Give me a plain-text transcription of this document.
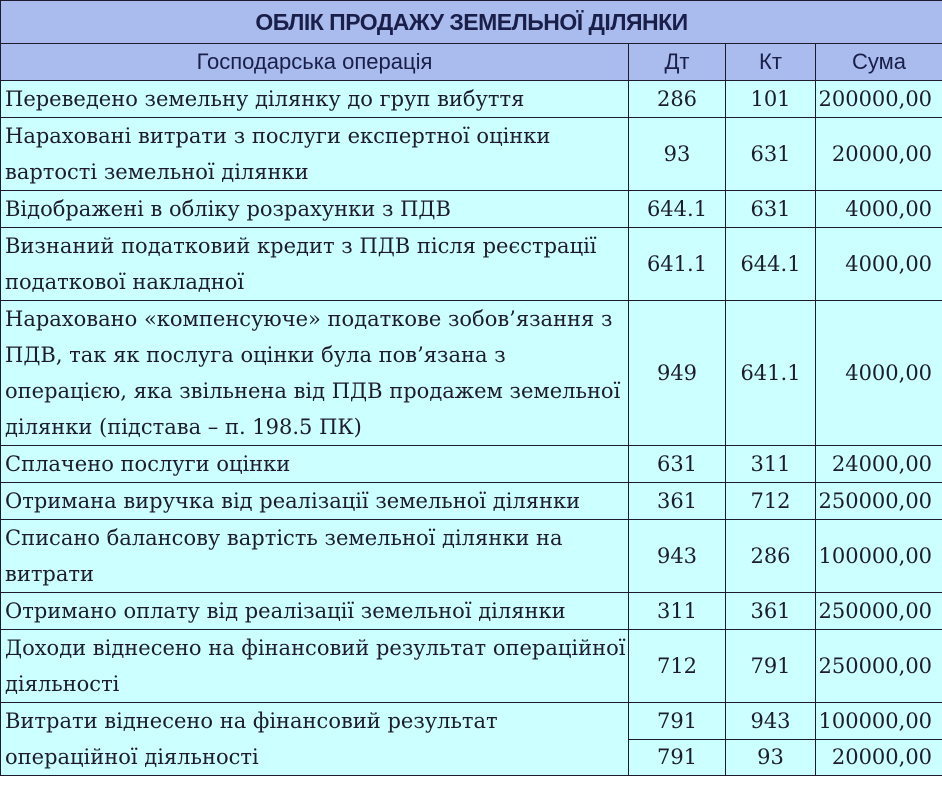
ОБЛІК ПРОДАЖУ ЗЕМЕЛЬНОЇ ДІЛЯНКИ			
Господарська операція	Дт	Кт	Сума
Переведено земельну ділянку до груп вибуття	286	101	200000,00
Нараховані витрати з послуги експертної оцінки вартості земельної ділянки	93	631	20000,00
Відображені в обліку розрахунки з ПДВ	644.1	631	4000,00
Визнаний податковий кредит з ПДВ після реєстрації податкової накладної	641.1	644.1	4000,00
Нараховано «компенсуюче» податкове зобов’язання з ПДВ, так як послуга оцінки була пов’язана з операцією, яка звільнена від ПДВ продажем земельної ділянки (підстава – п. 198.5 ПК)	949	641.1	4000,00
Сплачено послуги оцінки	631	311	24000,00
Отримана виручка від реалізації земельної ділянки	361	712	250000,00
Списано балансову вартість земельної ділянки на витрати	943	286	100000,00
Отримано оплату від реалізації земельної ділянки	311	361	250000,00
Доходи віднесено на фінансовий результат операційної діяльності	712	791	250000,00
Витрати віднесено на фінансовий результат операційної діяльності	791	943	100000,00
	791	93	20000,00
